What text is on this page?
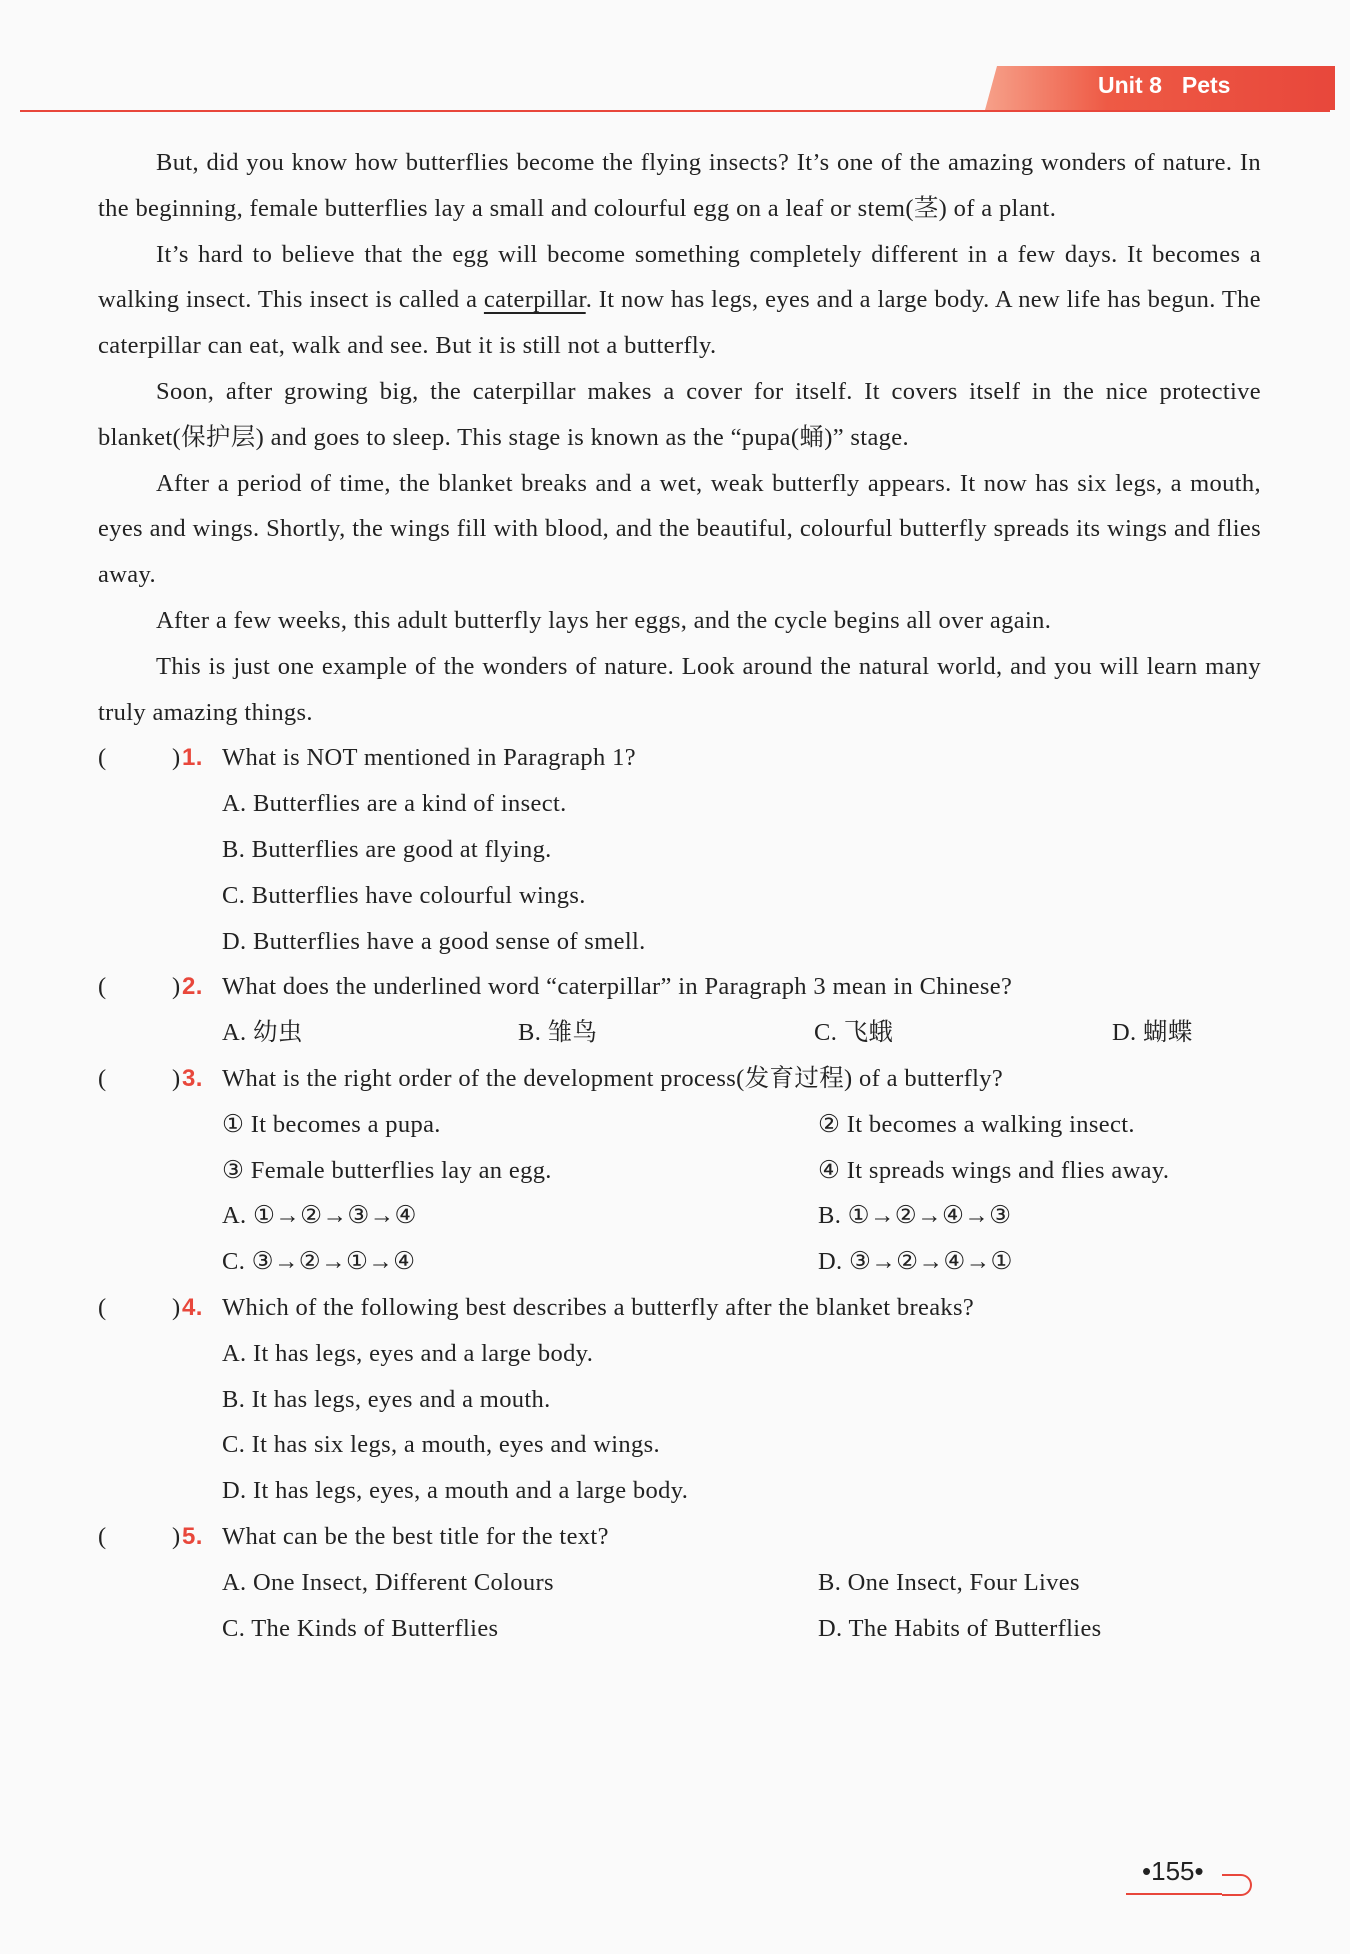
Unit 8 Pets

But, did you know how butterflies become the flying insects? It’s one of the amazing wonders of nature. In the beginning, female butterflies lay a small and colourful egg on a leaf or stem(茎) of a plant.

It’s hard to believe that the egg will become something completely different in a few days. It becomes a walking insect. This insect is called a caterpillar. It now has legs, eyes and a large body. A new life has begun. The caterpillar can eat, walk and see. But it is still not a butterfly.

Soon, after growing big, the caterpillar makes a cover for itself. It covers itself in the nice protective blanket(保护层) and goes to sleep. This stage is known as the “pupa(蛹)” stage.

After a period of time, the blanket breaks and a wet, weak butterfly appears. It now has six legs, a mouth, eyes and wings. Shortly, the wings fill with blood, and the beautiful, colourful butterfly spreads its wings and flies away.

After a few weeks, this adult butterfly lays her eggs, and the cycle begins all over again.

This is just one example of the wonders of nature. Look around the natural world, and you will learn many truly amazing things.

(	) 1. What is NOT mentioned in Paragraph 1?
A. Butterflies are a kind of insect.
B. Butterflies are good at flying.
C. Butterflies have colourful wings.
D. Butterflies have a good sense of smell.
(	) 2. What does the underlined word “caterpillar” in Paragraph 3 mean in Chinese?
A. 幼虫	B. 雏鸟	C. 飞蛾	D. 蝴蝶
(	) 3. What is the right order of the development process(发育过程) of a butterfly?
① It becomes a pupa.	② It becomes a walking insect.
③ Female butterflies lay an egg.	④ It spreads wings and flies away.
A. ①→②→③→④	B. ①→②→④→③
C. ③→②→①→④	D. ③→②→④→①
(	) 4. Which of the following best describes a butterfly after the blanket breaks?
A. It has legs, eyes and a large body.
B. It has legs, eyes and a mouth.
C. It has six legs, a mouth, eyes and wings.
D. It has legs, eyes, a mouth and a large body.
(	) 5. What can be the best title for the text?
A. One Insect, Different Colours	B. One Insect, Four Lives
C. The Kinds of Butterflies	D. The Habits of Butterflies
•155•
